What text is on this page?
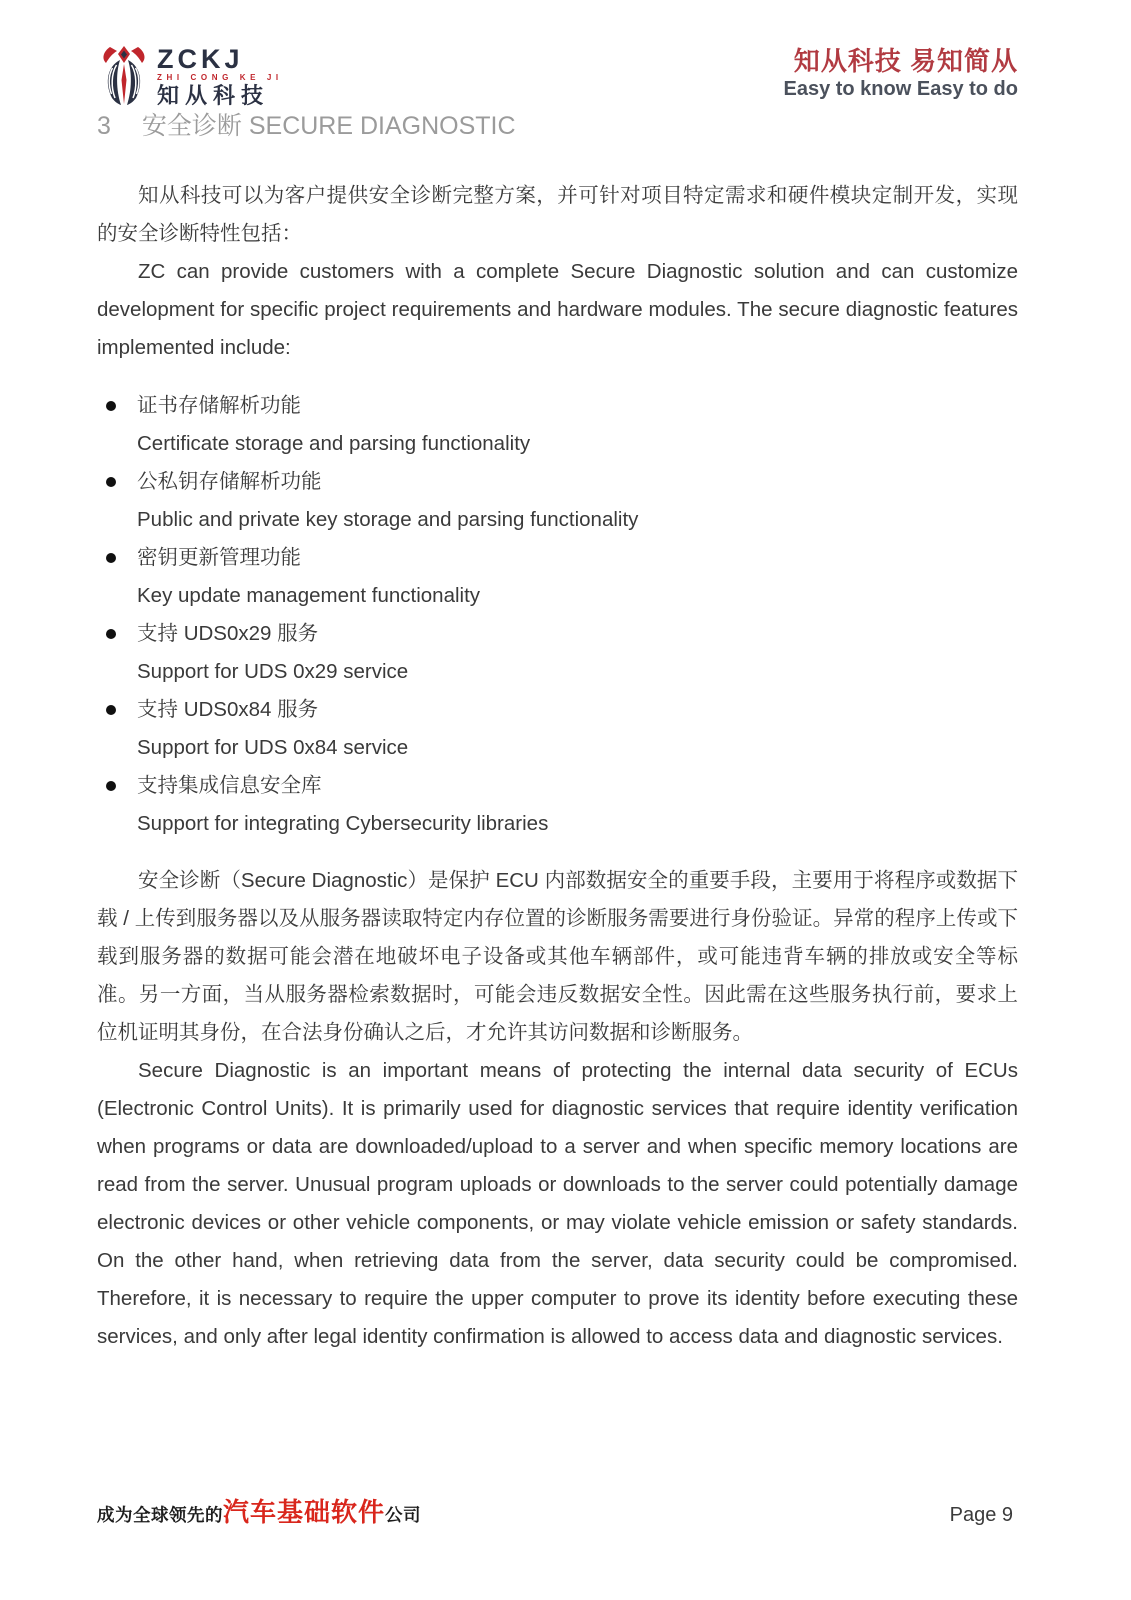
ZCKJ
ZHI CONG KE JI
知从科技
知从科技 易知简从
Easy to know Easy to do
3 安全诊断 SECURE DIAGNOSTIC

知从科技可以为客户提供安全诊断完整方案，并可针对项目特定需求和硬件模块定制开发，实现的安全诊断特性包括：

ZC can provide customers with a complete Secure Diagnostic solution and can customize development for specific project requirements and hardware modules. The secure diagnostic features implemented include:

证书存储解析功能
Certificate storage and parsing functionality
公私钥存储解析功能
Public and private key storage and parsing functionality
密钥更新管理功能
Key update management functionality
支持 UDS0x29 服务
Support for UDS 0x29 service
支持 UDS0x84 服务
Support for UDS 0x84 service
支持集成信息安全库
Support for integrating Cybersecurity libraries

安全诊断（Secure Diagnostic）是保护 ECU 内部数据安全的重要手段，主要用于将程序或数据下载 / 上传到服务器以及从服务器读取特定内存位置的诊断服务需要进行身份验证。异常的程序上传或下载到服务器的数据可能会潜在地破坏电子设备或其他车辆部件，或可能违背车辆的排放或安全等标准。另一方面，当从服务器检索数据时，可能会违反数据安全性。因此需在这些服务执行前，要求上位机证明其身份，在合法身份确认之后，才允许其访问数据和诊断服务。

Secure Diagnostic is an important means of protecting the internal data security of ECUs (Electronic Control Units). It is primarily used for diagnostic services that require identity verification when programs or data are downloaded/upload to a server and when specific memory locations are read from the server. Unusual program uploads or downloads to the server could potentially damage electronic devices or other vehicle components, or may violate vehicle emission or safety standards. On the other hand, when retrieving data from the server, data security could be compromised. Therefore, it is necessary to require the upper computer to prove its identity before executing these services, and only after legal identity confirmation is allowed to access data and diagnostic services.

成为全球领先的汽车基础软件公司	Page 9
